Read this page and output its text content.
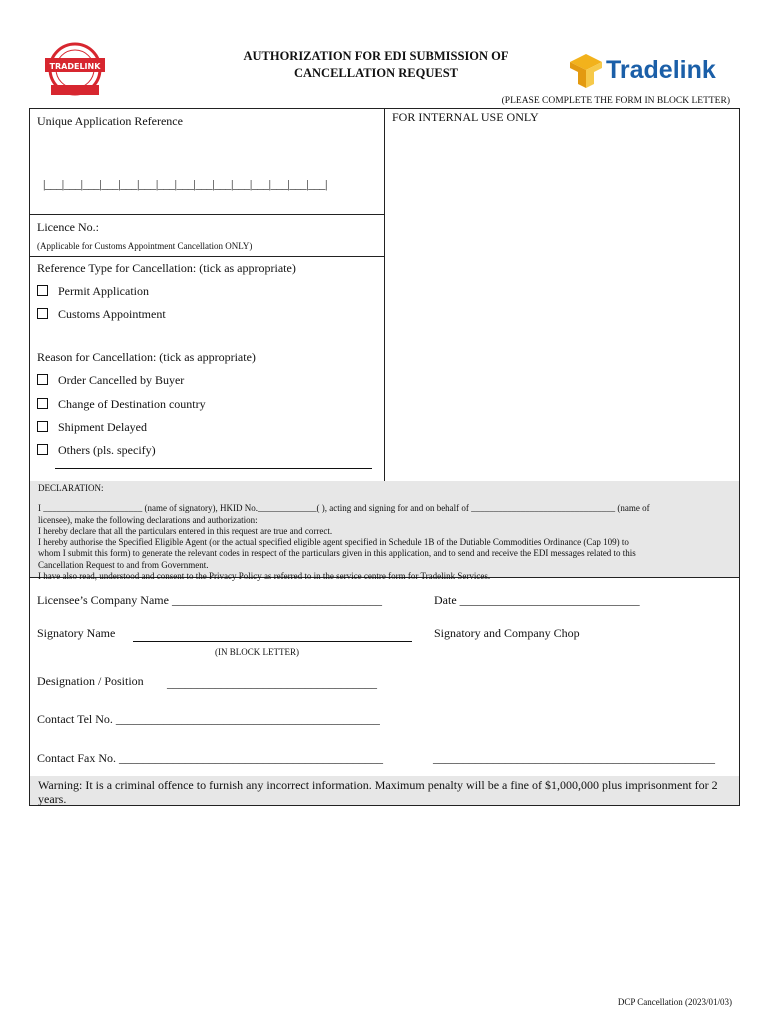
TRADELINK
AUTHORIZATION FOR EDI SUBMISSION OF
CANCELLATION REQUEST	Tradelink
(PLEASE COMPLETE THE FORM IN BLOCK LETTER)
Unique Application Reference
|___|___|___|___|___|___|___|___|___|___|___|___|___|___|___|
FOR INTERNAL USE ONLY
Licence No.:
(Applicable for Customs Appointment Cancellation ONLY)
Reference Type for Cancellation: (tick as appropriate)
Permit Application
Customs Appointment
Reason for Cancellation: (tick as appropriate)
Order Cancelled by Buyer
Change of Destination country
Shipment Delayed
Others (pls. specify)
DECLARATION:
I ______________________ (name of signatory), HKID No._____________( ), acting and signing for and on behalf of ________________________________ (name of
licensee), make the following declarations and authorization:
I hereby declare that all the particulars entered in this request are true and correct.
I hereby authorise the Specified Eligible Agent (or the actual specified eligible agent specified in Schedule 1B of the Dutiable Commodities Ordinance (Cap 109) to
whom I submit this form) to generate the relevant codes in respect of the particulars given in this application, and to send and receive the EDI messages related to this
Cancellation Request to and from Government.
I have also read, understood and consent to the Privacy Policy as referred to in the service centre form for Tradelink Services.
Licensee’s Company Name ___________________________________	Date ______________________________
Signatory Name	Signatory and Company Chop
(IN BLOCK LETTER)
Designation / Position ___________________________________
Contact Tel No. ____________________________________________
Contact Fax No. ____________________________________________	_______________________________________________
Warning: It is a criminal offence to furnish any incorrect information. Maximum penalty will be a fine of $1,000,000 plus imprisonment for 2 years.
DCP Cancellation (2023/01/03)
